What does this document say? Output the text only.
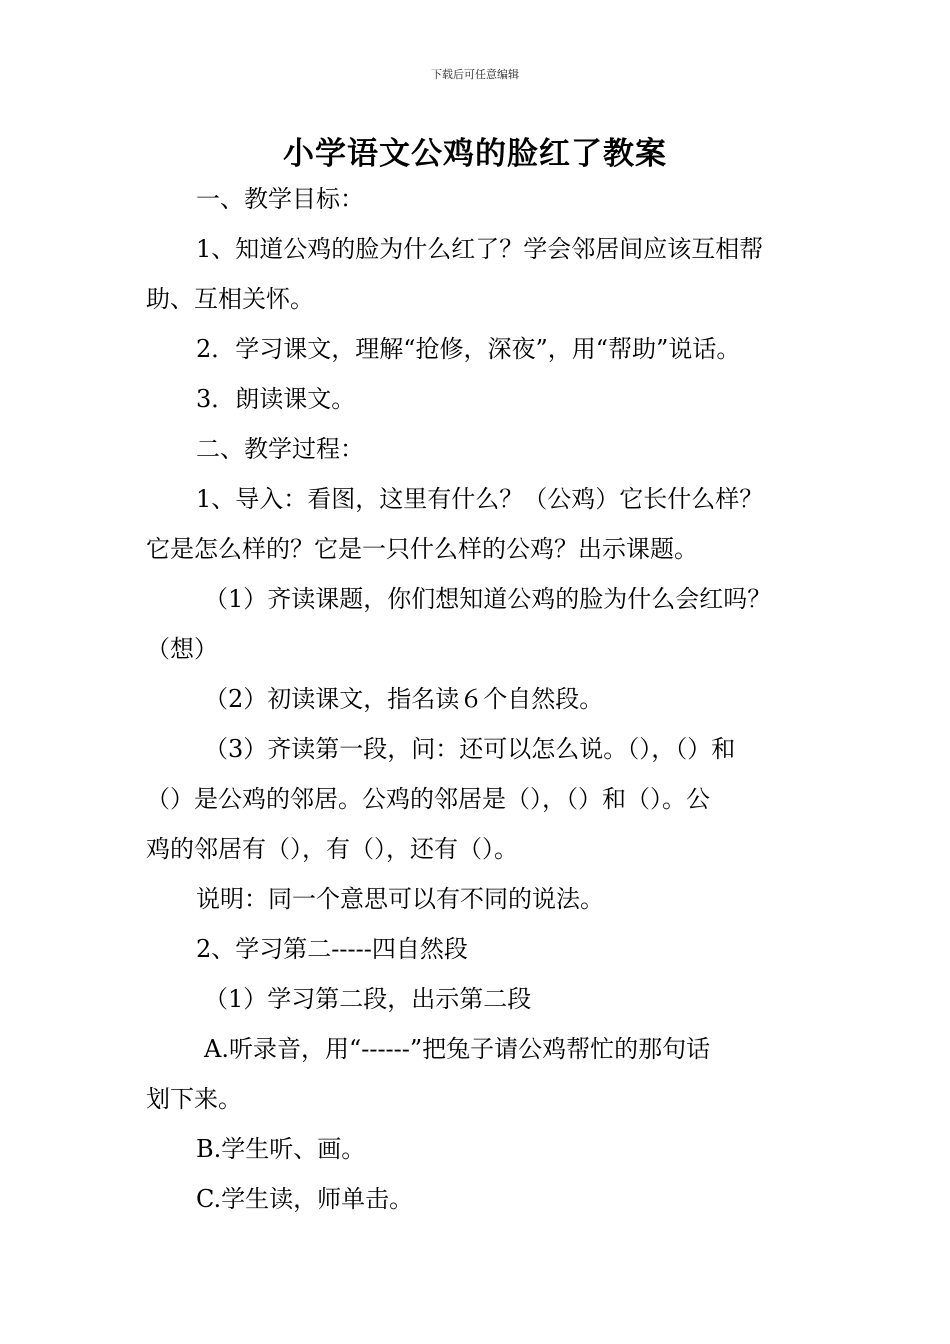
下载后可任意编辑
小学语文公鸡的脸红了教案
一、教学目标：
1、知道公鸡的脸为什么红了？学会邻居间应该互相帮
助、互相关怀。
2．学习课文，理解“抢修，深夜”，用“帮助”说话。
3．朗读课文。
二、教学过程：
1、导入：看图，这里有什么？（公鸡）它长什么样？
它是怎么样的？它是一只什么样的公鸡？出示课题。
（1）齐读课题，你们想知道公鸡的脸为什么会红吗？
（想）
（2）初读课文，指名读６个自然段。
（3）齐读第一段，问：还可以怎么说。（），（）和
（）是公鸡的邻居。公鸡的邻居是（），（）和（）。公
鸡的邻居有（），有（），还有（）。
说明：同一个意思可以有不同的说法。
2、学习第二-----四自然段
（1）学习第二段，出示第二段
A.听录音，用“------”把兔子请公鸡帮忙的那句话
划下来。
B.学生听、画。
C.学生读，师单击。
